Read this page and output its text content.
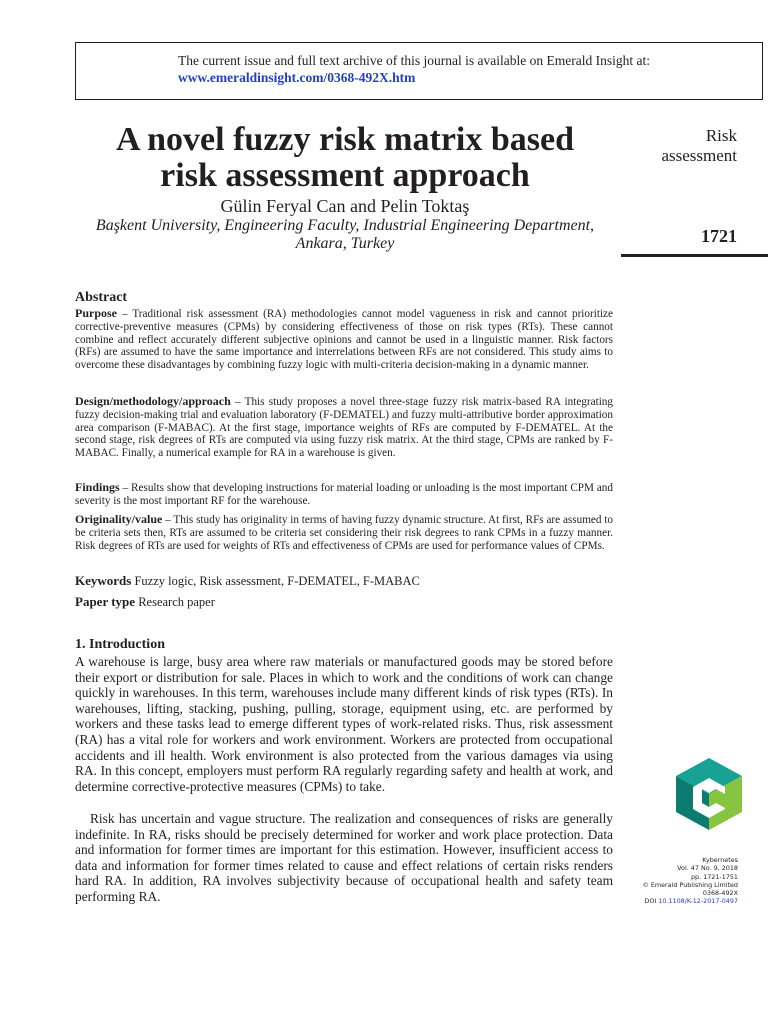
The current issue and full text archive of this journal is available on Emerald Insight at:
www.emeraldinsight.com/0368-492X.htm
A novel fuzzy risk matrix based
risk assessment approach
Gülin Feryal Can and Pelin Toktaş
Başkent University, Engineering Faculty, Industrial Engineering Department,
Ankara, Turkey
Risk
assessment
1721
Abstract

Purpose – Traditional risk assessment (RA) methodologies cannot model vagueness in risk and cannot prioritize corrective-preventive measures (CPMs) by considering effectiveness of those on risk types (RTs). These cannot combine and reflect accurately different subjective opinions and cannot be used in a linguistic manner. Risk factors (RFs) are assumed to have the same importance and interrelations between RFs are not considered. This study aims to overcome these disadvantages by combining fuzzy logic with multi-criteria decision-making in a dynamic manner.

Design/methodology/approach – This study proposes a novel three-stage fuzzy risk matrix-based RA integrating fuzzy decision-making trial and evaluation laboratory (F-DEMATEL) and fuzzy multi-attributive border approximation area comparison (F-MABAC). At the first stage, importance weights of RFs are computed by F-DEMATEL. At the second stage, risk degrees of RTs are computed via using fuzzy risk matrix. At the third stage, CPMs are ranked by F-MABAC. Finally, a numerical example for RA in a warehouse is given.

Findings – Results show that developing instructions for material loading or unloading is the most important CPM and severity is the most important RF for the warehouse.

Originality/value – This study has originality in terms of having fuzzy dynamic structure. At first, RFs are assumed to be criteria sets then, RTs are assumed to be criteria set considering their risk degrees to rank CPMs in a fuzzy manner. Risk degrees of RTs are used for weights of RTs and effectiveness of CPMs are used for performance values of CPMs.

Keywords Fuzzy logic, Risk assessment, F-DEMATEL, F-MABAC
Paper type Research paper
1. Introduction

A warehouse is large, busy area where raw materials or manufactured goods may be stored before their export or distribution for sale. Places in which to work and the conditions of work can change quickly in warehouses. In this term, warehouses include many different kinds of risk types (RTs). In warehouses, lifting, stacking, pushing, pulling, storage, equipment using, etc. are performed by workers and these tasks lead to emerge different types of work-related risks. Thus, risk assessment (RA) has a vital role for workers and work environment. Workers are protected from occupational accidents and ill health. Work environment is also protected from the various damages via using RA. In this concept, employers must perform RA regularly regarding safety and health at work, and determine corrective-protective measures (CPMs) to take.

Risk has uncertain and vague structure. The realization and consequences of risks are generally indefinite. In RA, risks should be precisely determined for worker and work place protection. Data and information for former times are important for this estimation. However, insufficient access to data and information for former times related to cause and effect relations of certain risks renders hard RA. In addition, RA involves subjectivity because of occupational health and safety team performing RA.

Kybernetes
Vol. 47 No. 9, 2018
pp. 1721-1751
© Emerald Publishing Limited
0368-492X
DOI 10.1108/K-12-2017-0497
